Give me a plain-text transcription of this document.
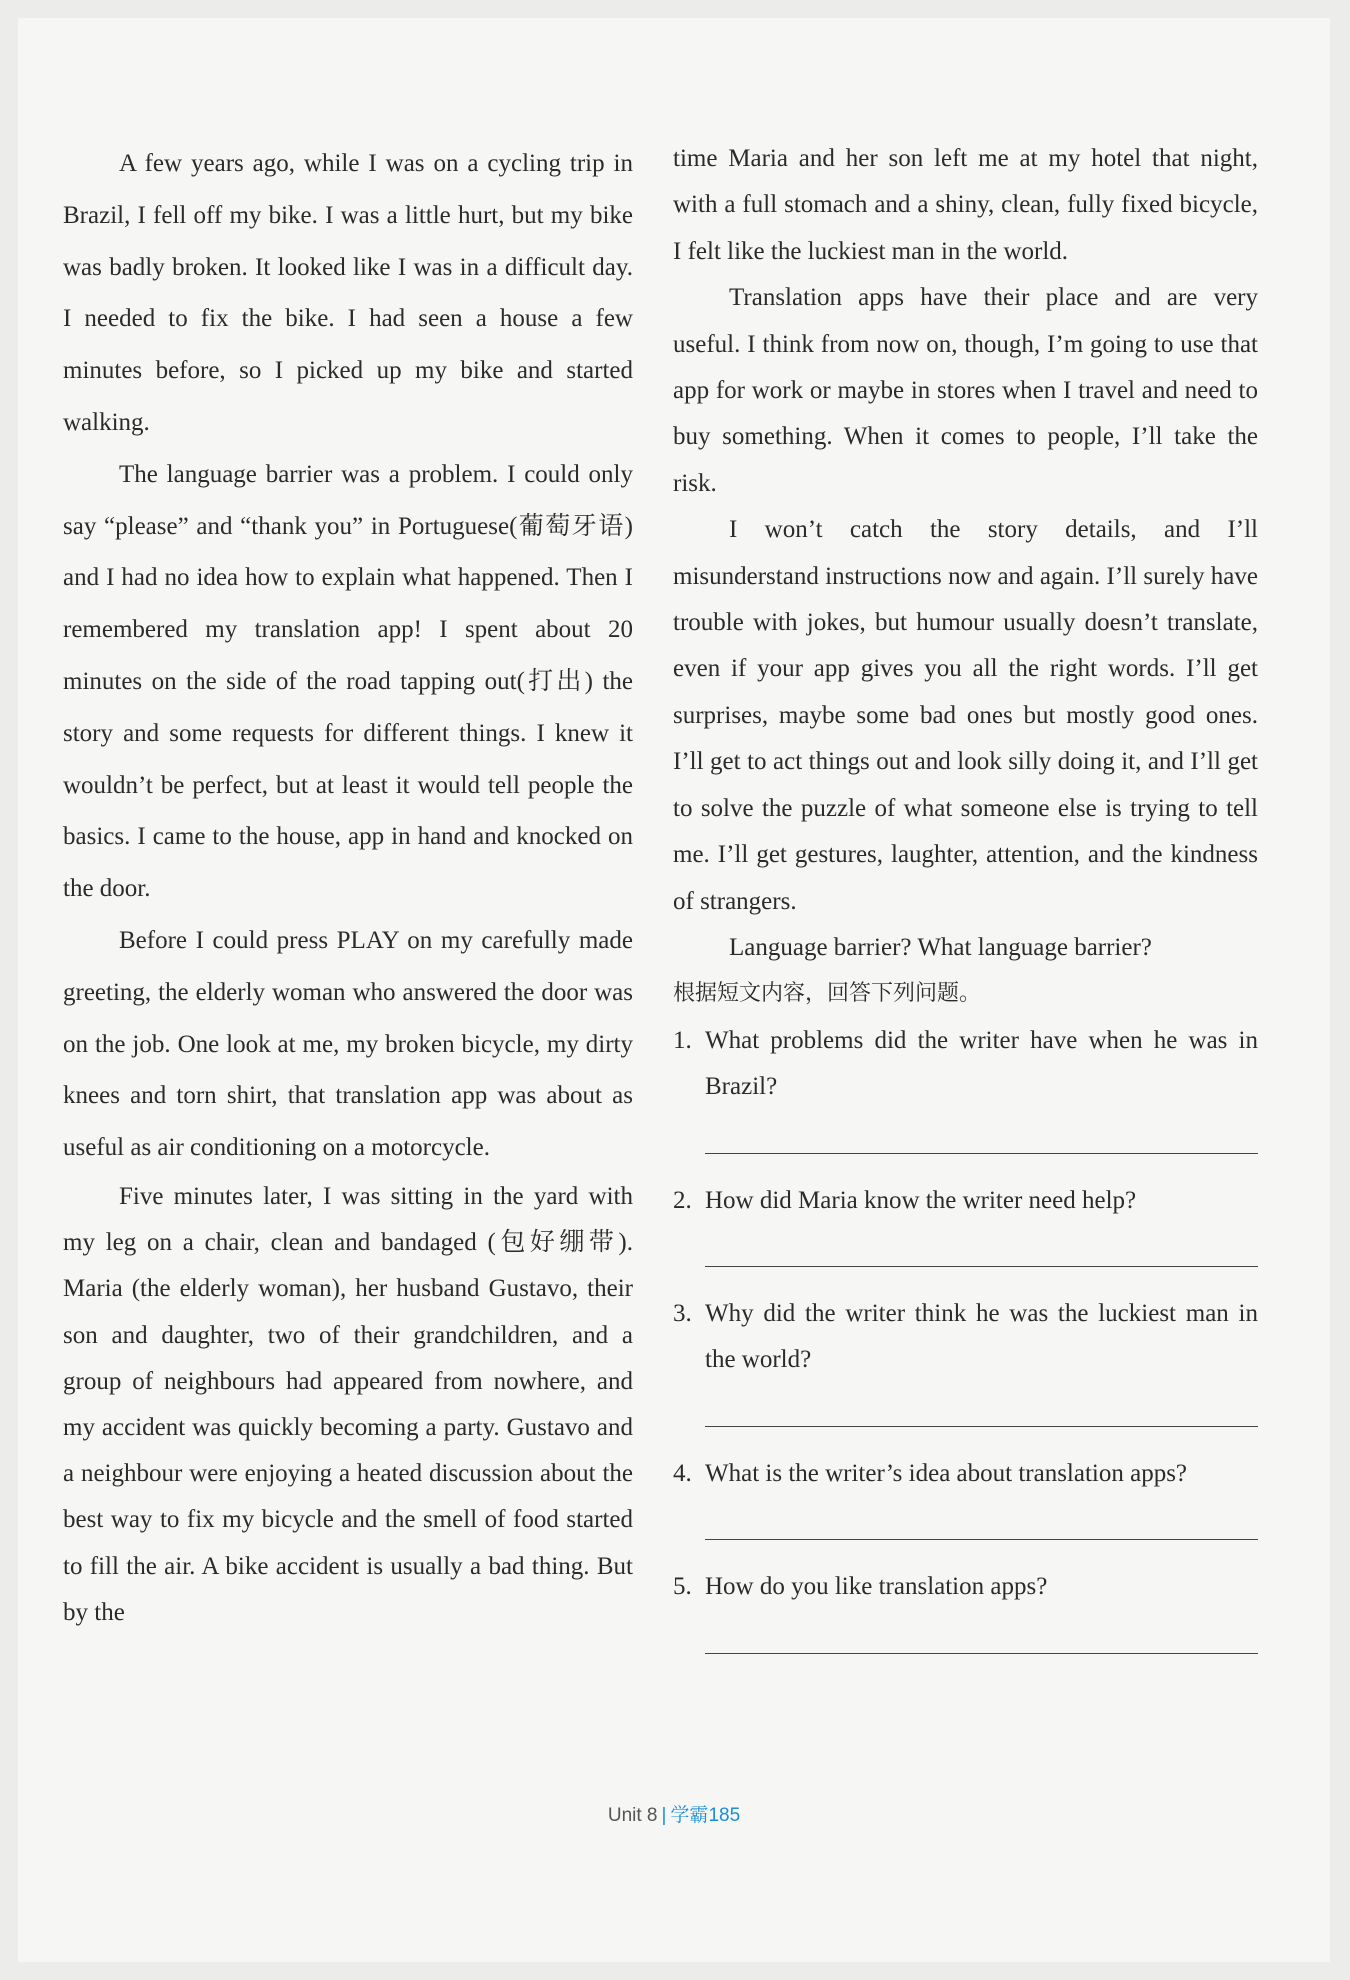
A few years ago, while I was on a cycling trip in Brazil, I fell off my bike. I was a little hurt, but my bike was badly broken. It looked like I was in a difficult day. I needed to fix the bike. I had seen a house a few minutes before, so I picked up my bike and started walking.

The language barrier was a problem. I could only say “please” and “thank you” in Portuguese(葡萄牙语) and I had no idea how to explain what happened. Then I remembered my translation app! I spent about 20 minutes on the side of the road tapping out(打出) the story and some requests for different things. I knew it wouldn’t be perfect, but at least it would tell people the basics. I came to the house, app in hand and knocked on the door.

Before I could press PLAY on my carefully made greeting, the elderly woman who answered the door was on the job. One look at me, my broken bicycle, my dirty knees and torn shirt, that translation app was about as useful as air conditioning on a motorcycle.

Five minutes later, I was sitting in the yard with my leg on a chair, clean and bandaged (包好绷带). Maria (the elderly woman), her husband Gustavo, their son and daughter, two of their grandchildren, and a group of neighbours had appeared from nowhere, and my accident was quickly becoming a party. Gustavo and a neighbour were enjoying a heated discussion about the best way to fix my bicycle and the smell of food started to fill the air. A bike accident is usually a bad thing. But by the

time Maria and her son left me at my hotel that night, with a full stomach and a shiny, clean, fully fixed bicycle, I felt like the luckiest man in the world.

Translation apps have their place and are very useful. I think from now on, though, I’m going to use that app for work or maybe in stores when I travel and need to buy something. When it comes to people, I’ll take the risk.

I won’t catch the story details, and I’ll misunderstand instructions now and again. I’ll surely have trouble with jokes, but humour usually doesn’t translate, even if your app gives you all the right words. I’ll get surprises, maybe some bad ones but mostly good ones. I’ll get to act things out and look silly doing it, and I’ll get to solve the puzzle of what someone else is trying to tell me. I’ll get gestures, laughter, attention, and the kindness of strangers.

Language barrier? What language barrier?

根据短文内容，回答下列问题。

1. What problems did the writer have when he was in Brazil?
2. How did Maria know the writer need help?
3. Why did the writer think he was the luckiest man in the world?
4. What is the writer’s idea about translation apps?
5. How do you like translation apps?
Unit 8 | 学霸185
